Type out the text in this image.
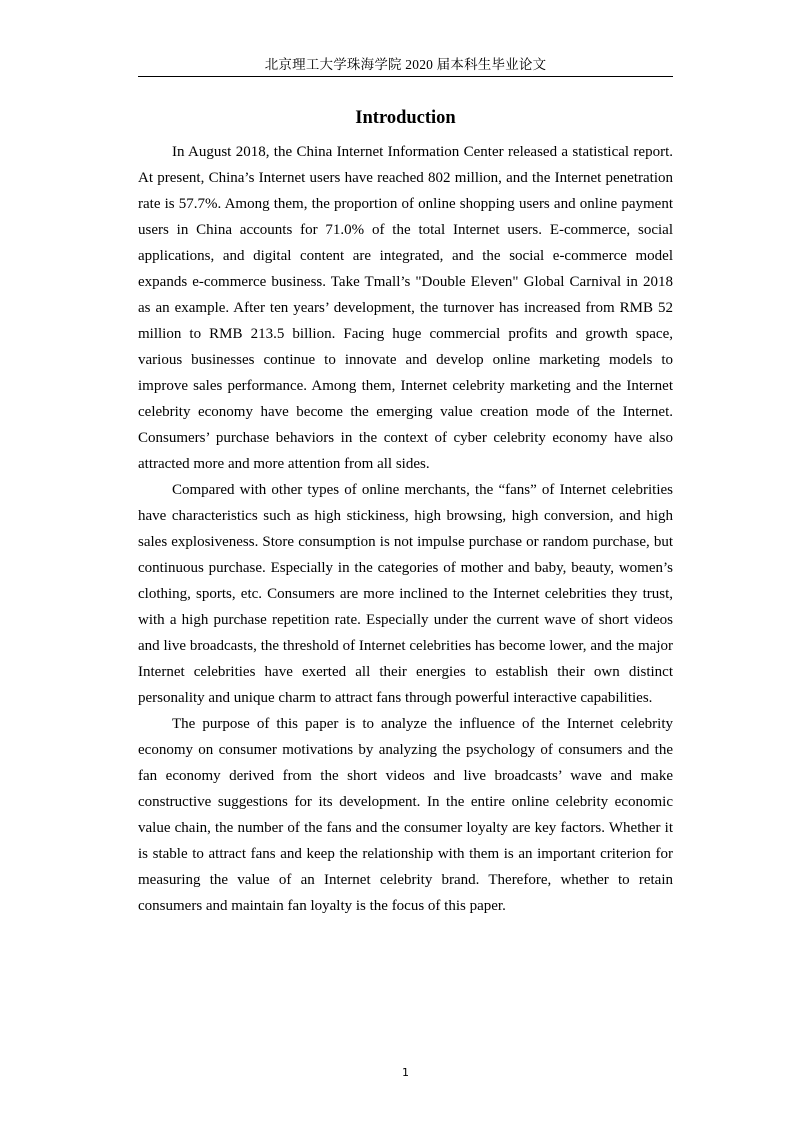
北京理工大学珠海学院 2020 届本科生毕业论文
Introduction

In August 2018, the China Internet Information Center released a statistical report. At present, China’s Internet users have reached 802 million, and the Internet penetration rate is 57.7%. Among them, the proportion of online shopping users and online payment users in China accounts for 71.0% of the total Internet users. E-commerce, social applications, and digital content are integrated, and the social e-commerce model expands e-commerce business. Take Tmall’s "Double Eleven" Global Carnival in 2018 as an example. After ten years’ development, the turnover has increased from RMB 52 million to RMB 213.5 billion. Facing huge commercial profits and growth space, various businesses continue to innovate and develop online marketing models to improve sales performance. Among them, Internet celebrity marketing and the Internet celebrity economy have become the emerging value creation mode of the Internet. Consumers’ purchase behaviors in the context of cyber celebrity economy have also attracted more and more attention from all sides.

Compared with other types of online merchants, the “fans” of Internet celebrities have characteristics such as high stickiness, high browsing, high conversion, and high sales explosiveness. Store consumption is not impulse purchase or random purchase, but continuous purchase. Especially in the categories of mother and baby, beauty, women’s clothing, sports, etc. Consumers are more inclined to the Internet celebrities they trust, with a high purchase repetition rate. Especially under the current wave of short videos and live broadcasts, the threshold of Internet celebrities has become lower, and the major Internet celebrities have exerted all their energies to establish their own distinct personality and unique charm to attract fans through powerful interactive capabilities.

The purpose of this paper is to analyze the influence of the Internet celebrity economy on consumer motivations by analyzing the psychology of consumers and the fan economy derived from the short videos and live broadcasts’ wave and make constructive suggestions for its development. In the entire online celebrity economic value chain, the number of the fans and the consumer loyalty are key factors. Whether it is stable to attract fans and keep the relationship with them is an important criterion for measuring the value of an Internet celebrity brand. Therefore, whether to retain consumers and maintain fan loyalty is the focus of this paper.

1
